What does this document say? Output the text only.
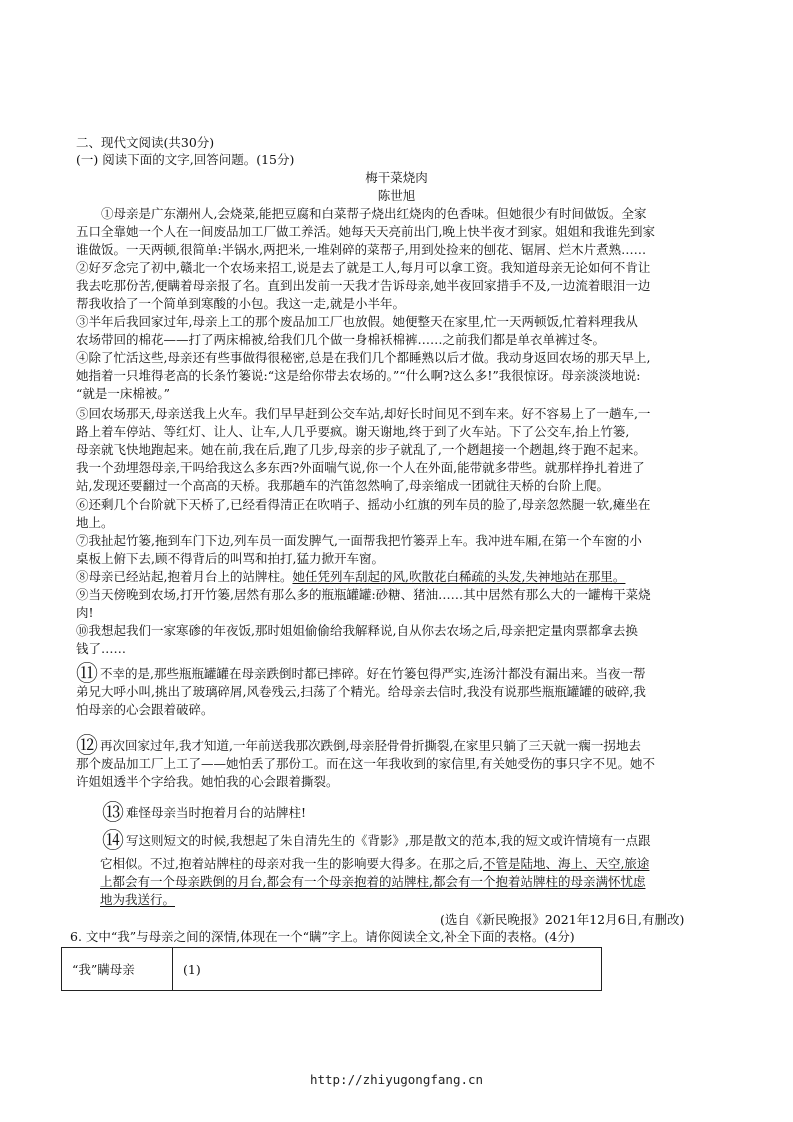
二、现代文阅读(共30分)
(一) 阅读下面的文字,回答问题。(15分)
梅干菜烧肉
陈世旭
①母亲是广东潮州人,会烧菜,能把豆腐和白菜帮子烧出红烧肉的色香味。但她很少有时间做饭。全家
五口全靠她一个人在一间废品加工厂做工养活。她每天天亮前出门,晚上快半夜才到家。姐姐和我谁先到家
谁做饭。一天两顿,很简单:半锅水,两把米,一堆剁碎的菜帮子,用到处捡来的刨花、锯屑、烂木片煮熟……
②好歹念完了初中,赣北一个农场来招工,说是去了就是工人,每月可以拿工资。我知道母亲无论如何不肯让
我去吃那份苦,便瞒着母亲报了名。直到出发前一天我才告诉母亲,她半夜回家措手不及,一边流着眼泪一边
帮我收拾了一个简单到寒酸的小包。我这一走,就是小半年。
③半年后我回家过年,母亲上工的那个废品加工厂也放假。她便整天在家里,忙一天两顿饭,忙着料理我从
农场带回的棉花——打了两床棉被,给我们几个做一身棉袄棉裤……之前我们都是单衣单裤过冬。
④除了忙活这些,母亲还有些事做得很秘密,总是在我们几个都睡熟以后才做。我动身返回农场的那天早上,
她指着一只堆得老高的长条竹篓说:“这是给你带去农场的。”“什么啊?这么多!”我很惊讶。母亲淡淡地说:
“就是一床棉被。”
⑤回农场那天,母亲送我上火车。我们早早赶到公交车站,却好长时间见不到车来。好不容易上了一趟车,一
路上着车停站、等红灯、让人、让车,人几乎要疯。谢天谢地,终于到了火车站。下了公交车,抬上竹篓,
母亲就飞快地跑起来。她在前,我在后,跑了几步,母亲的步子就乱了,一个趔趄接一个趔趄,终于跑不起来。
我一个劲埋怨母亲,干吗给我这么多东西?外面喘气说,你一个人在外面,能带就多带些。就那样挣扎着进了
站,发现还要翻过一个高高的天桥。我那趟车的汽笛忽然响了,母亲缩成一团就往天桥的台阶上爬。
⑥还剩几个台阶就下天桥了,已经看得清正在吹哨子、摇动小红旗的列车员的脸了,母亲忽然腿一软,瘫坐在
地上。
⑦我扯起竹篓,拖到车门下边,列车员一面发脾气,一面帮我把竹篓弄上车。我冲进车厢,在第一个车窗的小
桌板上俯下去,顾不得背后的叫骂和拍打,猛力掀开车窗。
⑧母亲已经站起,抱着月台上的站牌柱。她任凭列车刮起的风,吹散花白稀疏的头发,失神地站在那里。
⑨当天傍晚到农场,打开竹篓,居然有那么多的瓶瓶罐罐:砂糖、猪油……其中居然有那么大的一罐梅干菜烧
肉!
⑩我想起我们一家寒碜的年夜饭,那时姐姐偷偷给我解释说,自从你去农场之后,母亲把定量肉票都拿去换
钱了……
⑪ 不幸的是,那些瓶瓶罐罐在母亲跌倒时都已摔碎。好在竹篓包得严实,连汤汁都没有漏出来。当夜一帮
弟兄大呼小叫,挑出了玻璃碎屑,风卷残云,扫荡了个精光。给母亲去信时,我没有说那些瓶瓶罐罐的破碎,我
怕母亲的心会跟着破碎。
⑫ 再次回家过年,我才知道,一年前送我那次跌倒,母亲胫骨骨折撕裂,在家里只躺了三天就一瘸一拐地去
那个废品加工厂上工了——她怕丢了那份工。而在这一年我收到的家信里,有关她受伤的事只字不见。她不
许姐姐透半个字给我。她怕我的心会跟着撕裂。
⑬ 难怪母亲当时抱着月台的站牌柱!
⑭ 写这则短文的时候,我想起了朱自清先生的《背影》,那是散文的范本,我的短文或许情境有一点跟
它相似。不过,抱着站牌柱的母亲对我一生的影响要大得多。在那之后,不管是陆地、海上、天空,旅途
上都会有一个母亲跌倒的月台,都会有一个母亲抱着的站牌柱,都会有一个抱着站牌柱的母亲满怀忧虑
地为我送行。
(选自《新民晚报》2021年12月6日,有删改)
6. 文中“我”与母亲之间的深情,体现在一个“瞒”字上。请你阅读全文,补全下面的表格。(4分)
“我”瞒母亲	(1)
http://zhiyugongfang.cn
